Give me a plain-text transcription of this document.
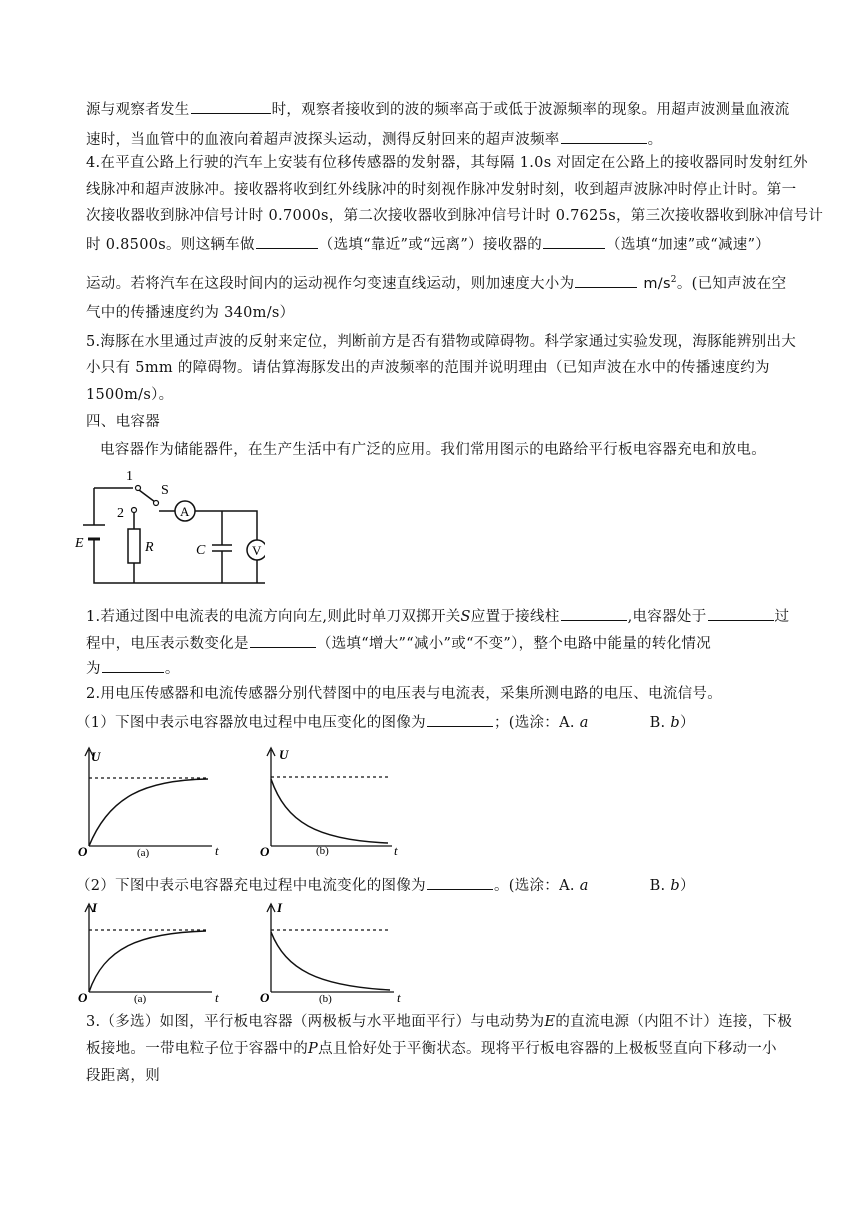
源与观察者发生	时，观察者接收到的波的频率高于或低于波源频率的现象。用超声波测量血液流
速时，当血管中的血液向着超声波探头运动，测得反射回来的超声波频率	。
4.在平直公路上行驶的汽车上安装有位移传感器的发射器，其每隔 1.0s 对固定在公路上的接收器同时发射红外
线脉冲和超声波脉冲。接收器将收到红外线脉冲的时刻视作脉冲发射时刻，收到超声波脉冲时停止计时。第一
次接收器收到脉冲信号计时 0.7000s，第二次接收器收到脉冲信号计时 0.7625s，第三次接收器收到脉冲信号计
时 0.8500s。则这辆车做	（选填“靠近”或“远离”）接收器的	（选填“加速”或“减速”）
运动。若将汽车在这段时间内的运动视作匀变速直线运动，则加速度大小为	$m/s^2$。(已知声波在空
气中的传播速度约为 340m/s）
5.海豚在水里通过声波的反射来定位，判断前方是否有猎物或障碍物。科学家通过实验发现，海豚能辨别出大
小只有 5mm 的障碍物。请估算海豚发出的声波频率的范围并说明理由（已知声波在水中的传播速度约为
1500m/s）。
四、电容器
电容器作为储能器件，在生产生活中有广泛的应用。我们常用图示的电路给平行板电容器充电和放电。
1
2
S
A
V
E	R	C
1.若通过图中电流表的电流方向向左,则此时单刀双掷开关S应置于接线柱	,电容器处于	过
程中，电压表示数变化是	（选填“增大”“减小”或“不变”），整个电路中能量的转化情况
为	。
2.用电压传感器和电流传感器分别代替图中的电压表与电流表，采集所测电路的电压、电流信号。
（1）下图中表示电容器放电过程中电压变化的图像为	；(选涂：A. a	B. b）
U
t
O	(a)
U
t
O	(b)
（2）下图中表示电容器充电过程中电流变化的图像为	。(选涂：A. a	B. b）
I
t
O	(a)
I
t
O	(b)
3.（多选）如图，平行板电容器（两极板与水平地面平行）与电动势为E的直流电源（内阻不计）连接，下极
板接地。一带电粒子位于容器中的P点且恰好处于平衡状态。现将平行板电容器的上极板竖直向下移动一小
段距离，则
